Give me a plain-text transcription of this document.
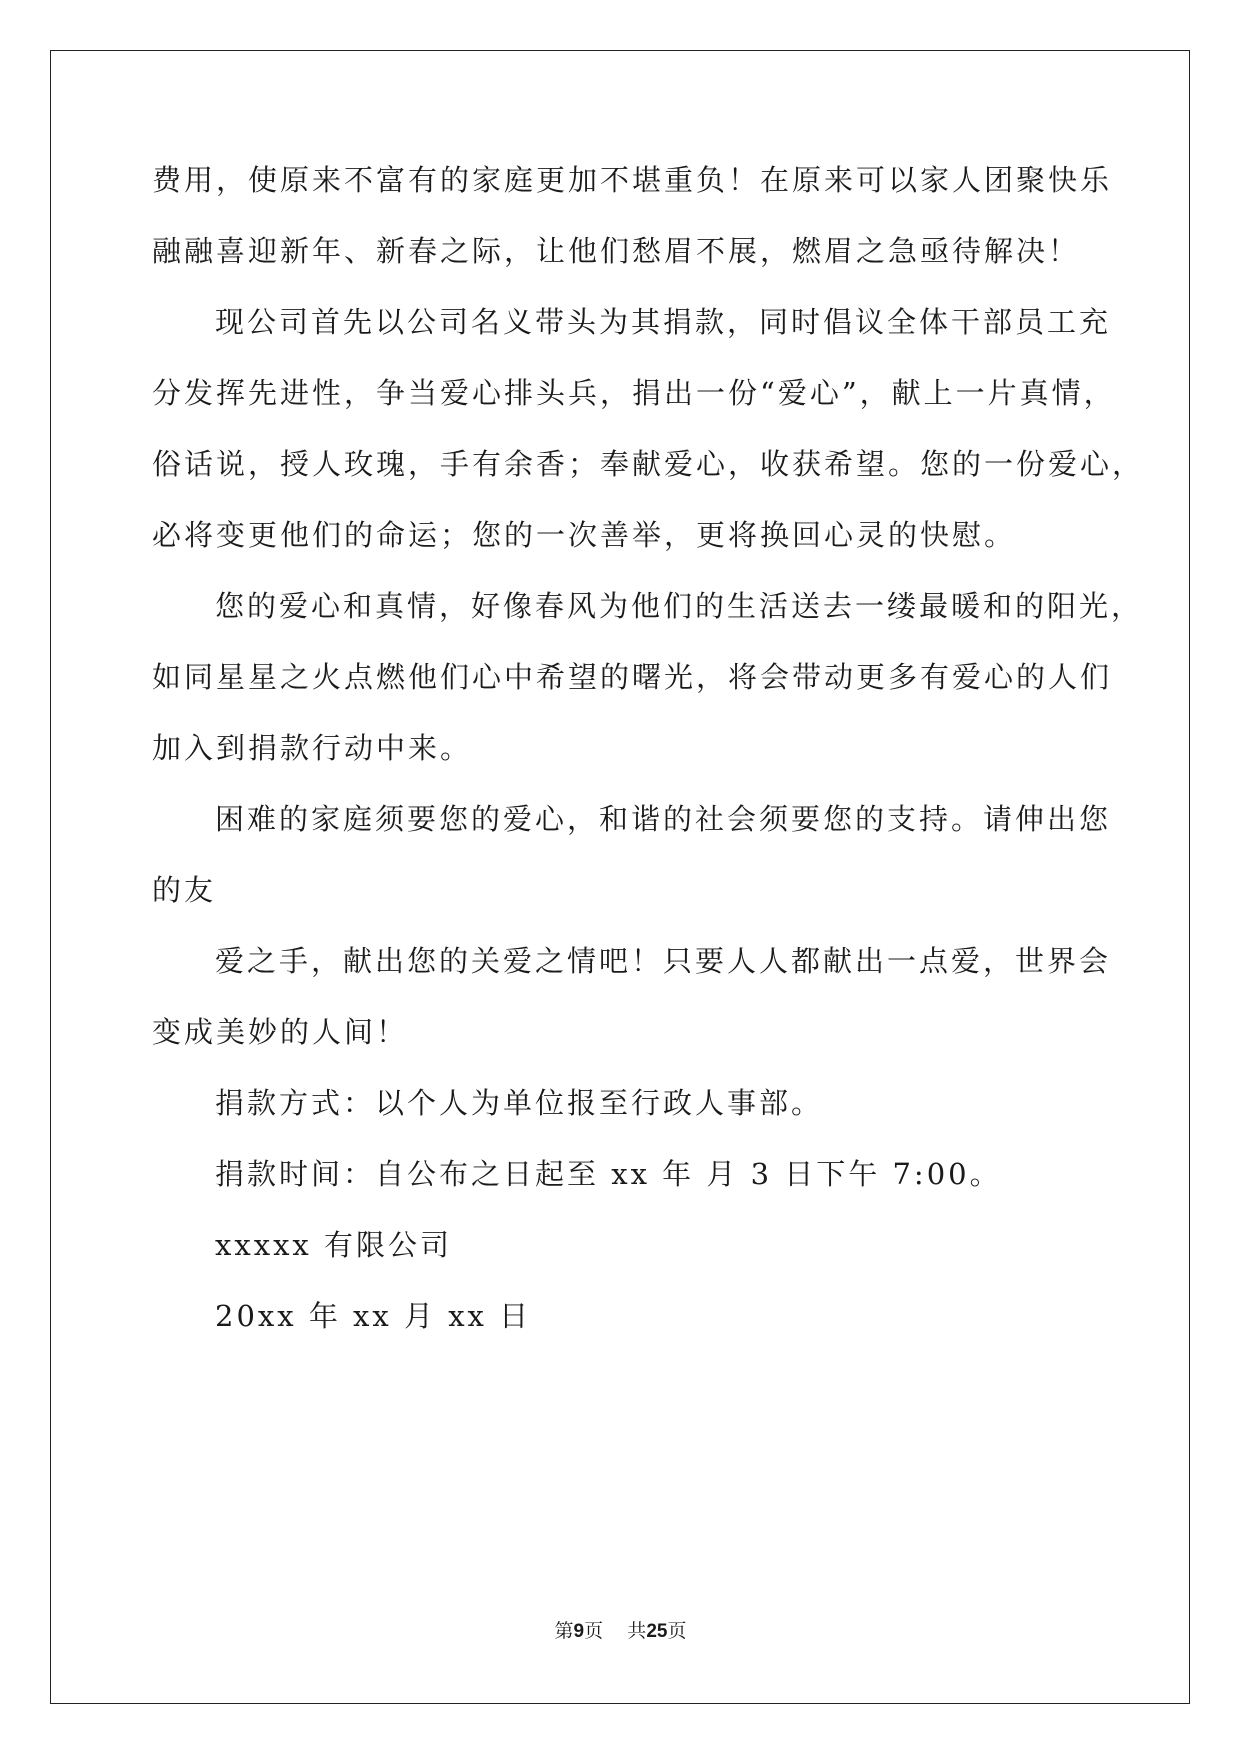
费用，使原来不富有的家庭更加不堪重负！在原来可以家人团聚快乐
融融喜迎新年、新春之际，让他们愁眉不展，燃眉之急亟待解决！
现公司首先以公司名义带头为其捐款，同时倡议全体干部员工充
分发挥先进性，争当爱心排头兵，捐出一份“爱心”，献上一片真情，
俗话说，授人玫瑰，手有余香；奉献爱心，收获希望。您的一份爱心，
必将变更他们的命运；您的一次善举，更将换回心灵的快慰。
您的爱心和真情，好像春风为他们的生活送去一缕最暖和的阳光，
如同星星之火点燃他们心中希望的曙光，将会带动更多有爱心的人们
加入到捐款行动中来。
困难的家庭须要您的爱心，和谐的社会须要您的支持。请伸出您
的友
爱之手，献出您的关爱之情吧！只要人人都献出一点爱，世界会
变成美妙的人间！
捐款方式：以个人为单位报至行政人事部。
捐款时间：自公布之日起至 xx 年 月 3 日下午 7:00。
xxxxx 有限公司
20xx 年 xx 月 xx 日
第9页 共25页
